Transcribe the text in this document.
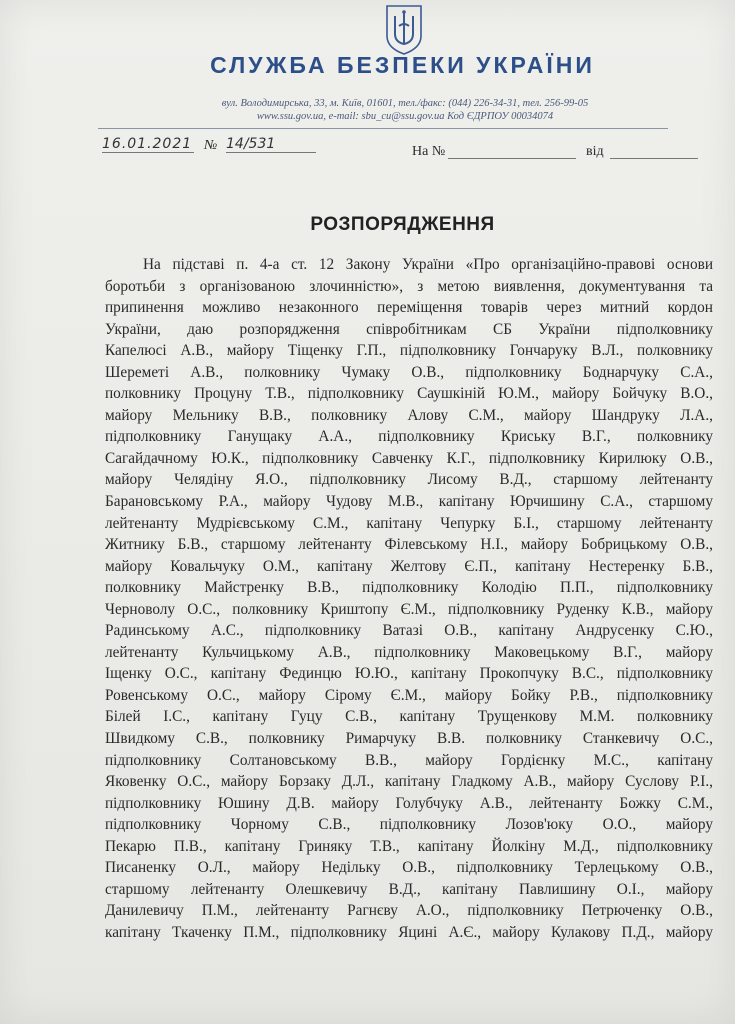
СЛУЖБА БЕЗПЕКИ УКРАЇНИ
вул. Володимирська, 33, м. Київ, 01601, тел./факс: (044) 226-34-31, тел. 256-99-05
www.ssu.gov.ua, e-mail: sbu_cu@ssu.gov.ua Код ЄДРПОУ 00034074
16.01.2021 № 14/531	На №	від
РОЗПОРЯДЖЕННЯ
На підставі п. 4-а ст. 12 Закону України «Про організаційно-правові основи
боротьби з організованою злочинністю», з метою виявлення, документування та
припинення можливо незаконного переміщення товарів через митний кордон
України, даю розпорядження співробітникам СБ України підполковнику
Капелюсі А.В., майору Тіщенку Г.П., підполковнику Гончаруку В.Л., полковнику
Шереметі А.В., полковнику Чумаку О.В., підполковнику Боднарчуку С.А.,
полковнику Процуну Т.В., підполковнику Саушкіній Ю.М., майору Бойчуку В.О.,
майору Мельнику В.В., полковнику Алову С.М., майору Шандруку Л.А.,
підполковнику Ганущаку А.А., підполковнику Криську В.Г., полковнику
Сагайдачному Ю.К., підполковнику Савченку К.Г., підполковнику Кирилюку О.В.,
майору Челядіну Я.О., підполковнику Лисому В.Д., старшому лейтенанту
Барановському Р.А., майору Чудову М.В., капітану Юрчишину С.А., старшому
лейтенанту Мудрієвському С.М., капітану Чепурку Б.І., старшому лейтенанту
Житнику Б.В., старшому лейтенанту Філевському Н.І., майору Бобрицькому О.В.,
майору Ковальчуку О.М., капітану Желтову Є.П., капітану Нестеренку Б.В.,
полковнику Майстренку В.В., підполковнику Колодію П.П., підполковнику
Черноволу О.С., полковнику Криштопу Є.М., підполковнику Руденку К.В., майору
Радинському А.С., підполковнику Ватазі О.В., капітану Андрусенку С.Ю.,
лейтенанту Кульчицькому А.В., підполковнику Маковецькому В.Г., майору
Іщенку О.С., капітану Фединцю Ю.Ю., капітану Прокопчуку В.С., підполковнику
Ровенському О.С., майору Сірому Є.М., майору Бойку Р.В., підполковнику
Білей І.С., капітану Гуцу С.В., капітану Трущенкову М.М. полковнику
Швидкому С.В., полковнику Римарчуку В.В. полковнику Станкевичу О.С.,
підполковнику Солтановському В.В., майору Гордієнку М.С., капітану
Яковенку О.С., майору Борзаку Д.Л., капітану Гладкому А.В., майору Суслову Р.І.,
підполковнику Юшину Д.В. майору Голубчуку А.В., лейтенанту Божку С.М.,
підполковнику Чорному С.В., підполковнику Лозов'юку О.О., майору
Пекарю П.В., капітану Гриняку Т.В., капітану Йолкіну М.Д., підполковнику
Писаненку О.Л., майору Недільку О.В., підполковнику Терлецькому О.В.,
старшому лейтенанту Олешкевичу В.Д., капітану Павлишину О.І., майору
Данилевичу П.М., лейтенанту Рагнєву А.О., підполковнику Петрюченку О.В.,
капітану Ткаченку П.М., підполковнику Яцині А.Є., майору Кулакову П.Д., майору
